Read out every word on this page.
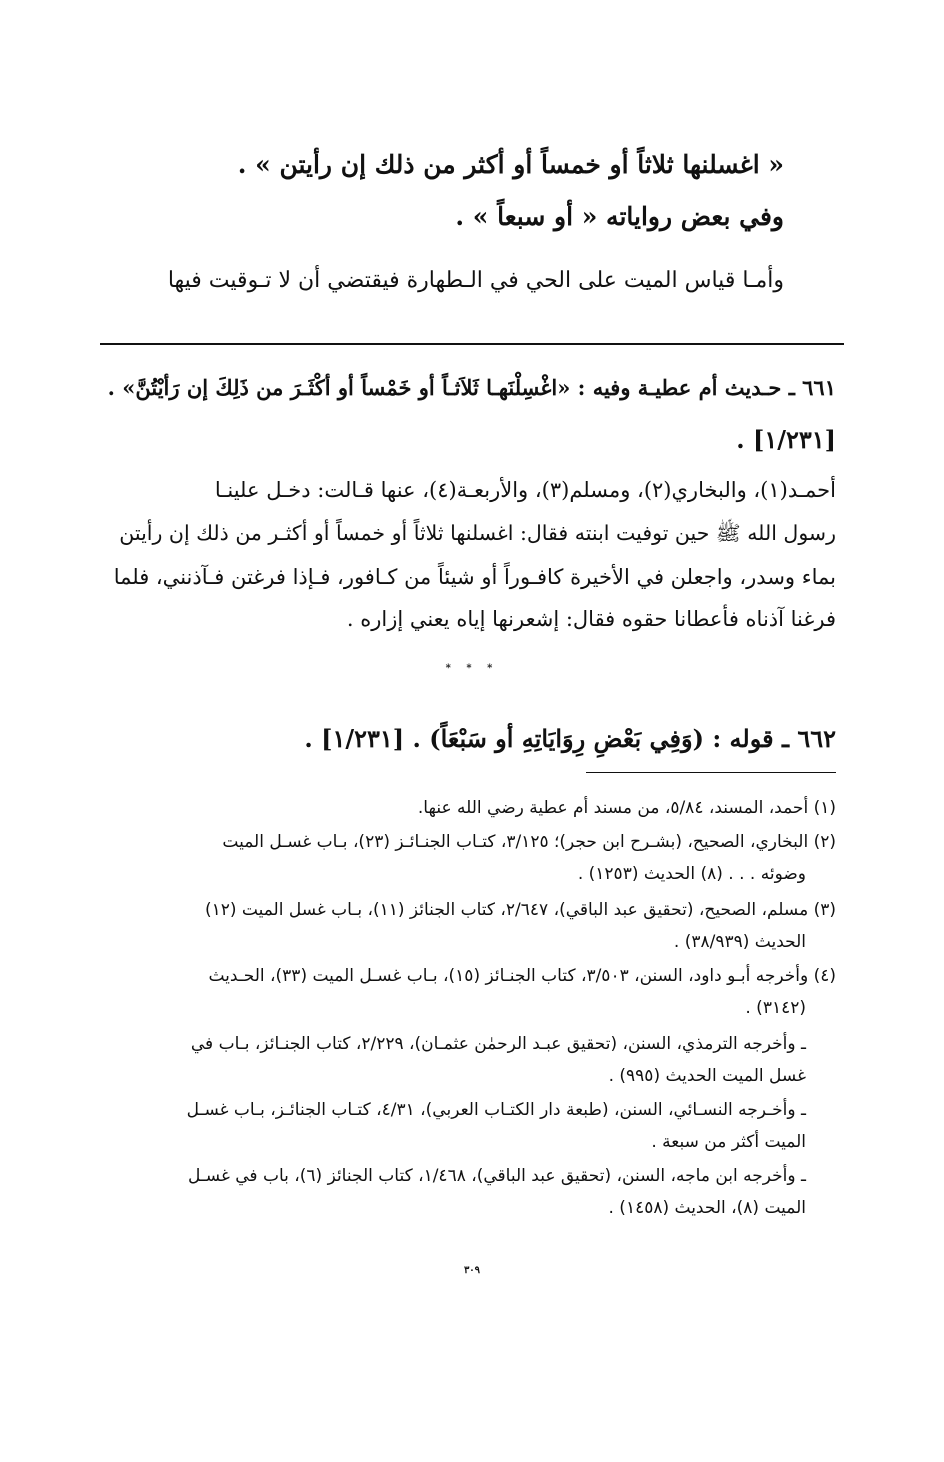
« اغسلنها ثلاثاً أو خمساً أو أكثر من ذلك إن رأيتن » .
وفي بعض رواياته « أو سبعاً » .
وأمـا قياس الميت على الحي في الـطهارة فيقتضي أن لا تـوقيت فيها
٦٦١ ـ حـديث أم عطيـة وفيه : «اغْسِلْنَهـا ثَلاَثـاً أو خَمْساً أو أكْثَـرَ من ذَلِكَ إن رَأيْتُنَّ» .
[١/٢٣١] .
أحمـد(١)، والبخاري(٢)، ومسلم(٣)، والأربعـة(٤)، عنها قـالت: دخـل علينـا
رسول الله ﷺ حين توفيت ابنته فقال: اغسلنها ثلاثاً أو خمساً أو أكثـر من ذلك إن رأيتن
بماء وسدر، واجعلن في الأخيرة كافـوراً أو شيئاً من كـافور، فـإذا فرغتن فـآذنني، فلما
فرغنا آذناه فأعطانا حقوه فقال: إشعرنها إياه يعني إزاره .
* * *
٦٦٢ ـ قوله : (وَفِي بَعْضِ رِوَايَاتِهِ أو سَبْعَاً) . [١/٢٣١] .
(١) أحمد، المسند، ٥/٨٤، من مسند أم عطية رضي الله عنها.
(٢) البخاري، الصحيح، (بشـرح ابن حجر)؛ ٣/١٢٥، كتـاب الجنـائـز (٢٣)، بـاب غسـل الميت
وضوئه . . . (٨) الحديث (١٢٥٣) .
(٣) مسلم، الصحيح، (تحقيق عبد الباقي)، ٢/٦٤٧، كتاب الجنائز (١١)، بـاب غسل الميت (١٢)
الحديث (٣٨/٩٣٩) .
(٤) وأخرجه أبـو داود، السنن، ٣/٥٠٣، كتاب الجنـائز (١٥)، بـاب غسـل الميت (٣٣)، الحـديث
(٣١٤٢) .
ـ وأخرجه الترمذي، السنن، (تحقيق عبـد الرحمٰن عثمـان)، ٢/٢٢٩، كتاب الجنـائز، بـاب في
غسل الميت الحديث (٩٩٥) .
ـ وأخـرجه النسـائي، السنن، (طبعة دار الكتـاب العربي)، ٤/٣١، كتـاب الجنائـز، بـاب غسـل
الميت أكثر من سبعة .
ـ وأخرجه ابن ماجه، السنن، (تحقيق عبد الباقي)، ١/٤٦٨، كتاب الجنائز (٦)، باب في غسـل
الميت (٨)، الحديث (١٤٥٨) .
٣٠٩
